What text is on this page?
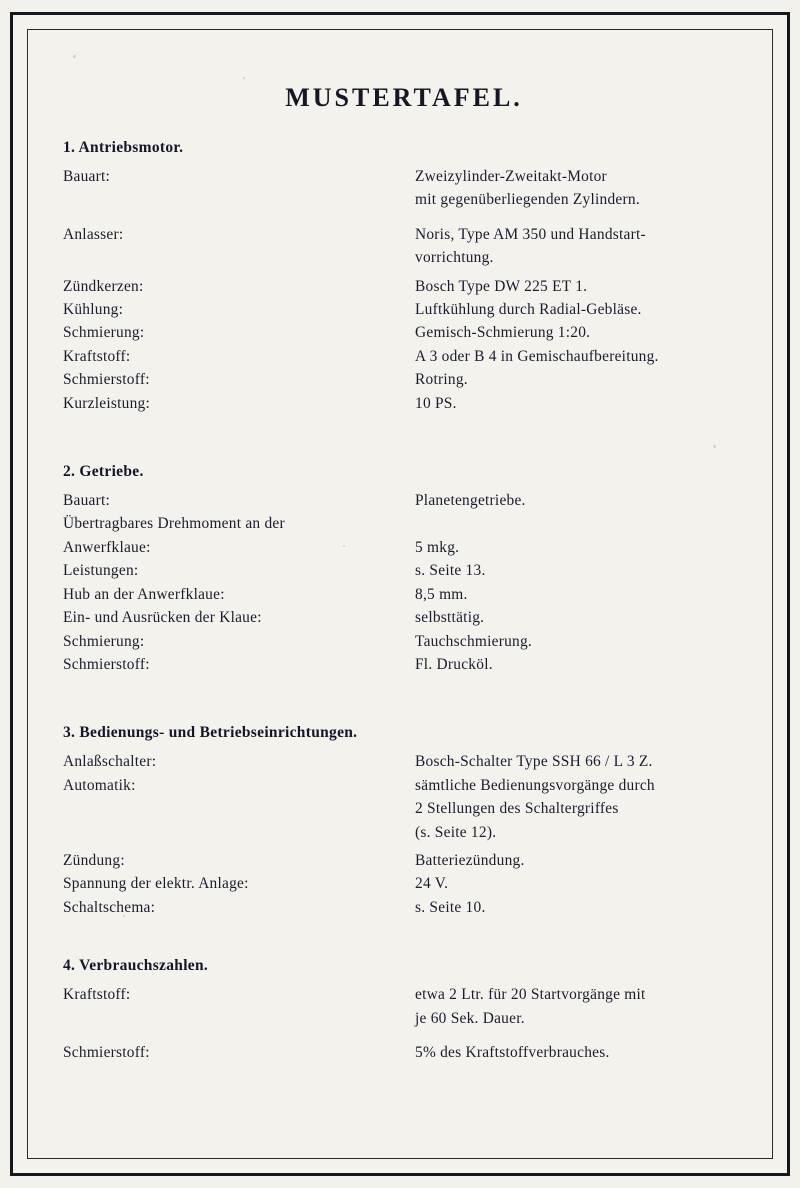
MUSTERTAFEL.
1. Antriebsmotor.
Bauart:	Zweizylinder-Zweitakt-Motor
mit gegenüberliegenden Zylindern.
Anlasser:	Noris, Type AM 350 und Handstart-
vorrichtung.
Zündkerzen:	Bosch Type DW 225 ET 1.
Kühlung:	Luftkühlung durch Radial-Gebläse.
Schmierung:	Gemisch-Schmierung 1:20.
Kraftstoff:	A 3 oder B 4 in Gemischaufbereitung.
Schmierstoff:	Rotring.
Kurzleistung:	10 PS.
2. Getriebe.
Bauart:	Planetengetriebe.
Übertragbares Drehmoment an der
Anwerfklaue:	5 mkg.
Leistungen:	s. Seite 13.
Hub an der Anwerfklaue:	8,5 mm.
Ein- und Ausrücken der Klaue:	selbsttätig.
Schmierung:	Tauchschmierung.
Schmierstoff:	Fl. Drucköl.
3. Bedienungs- und Betriebseinrichtungen.
Anlaßschalter:	Bosch-Schalter Type SSH 66 / L 3 Z.
Automatik:	sämtliche Bedienungsvorgänge durch
2 Stellungen des Schaltergriffes
(s. Seite 12).
Zündung:	Batteriezündung.
Spannung der elektr. Anlage:	24 V.
Schaltschema:	s. Seite 10.
4. Verbrauchszahlen.
Kraftstoff:	etwa 2 Ltr. für 20 Startvorgänge mit
je 60 Sek. Dauer.
Schmierstoff:	5% des Kraftstoffverbrauches.
